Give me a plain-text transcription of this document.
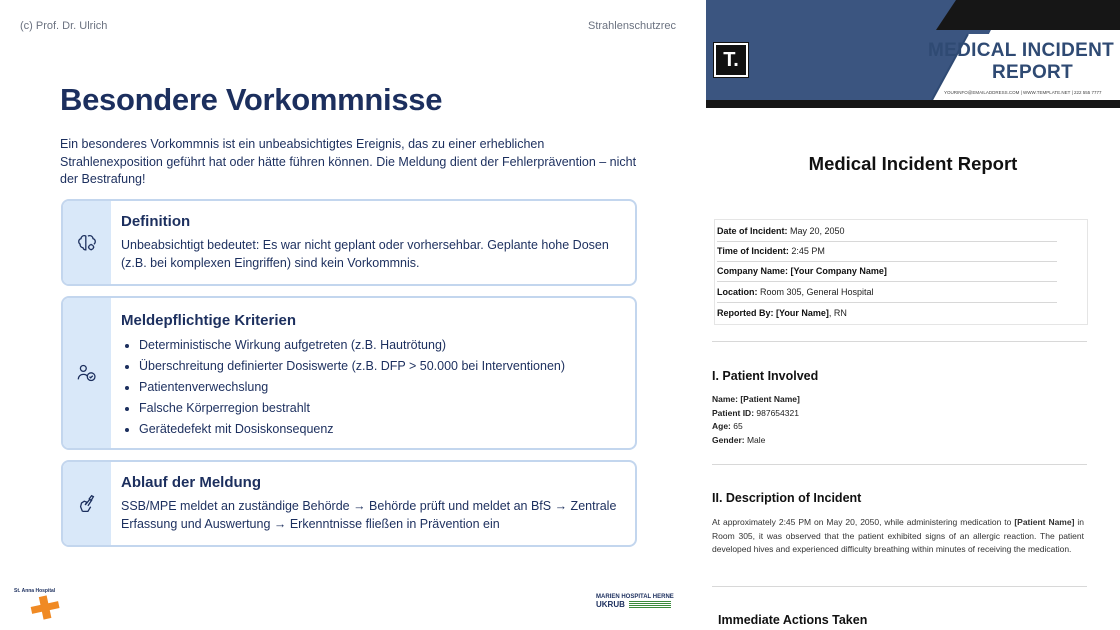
(c) Prof. Dr. Ulrich	Strahlenschutzrec
Besondere Vorkommnisse
Ein besonderes Vorkommnis ist ein unbeabsichtigtes Ereignis, das zu einer erheblichen Strahlenexposition geführt hat oder hätte führen können. Die Meldung dient der Fehlerprävention – nicht der Bestrafung!
Definition

Unbeabsichtigt bedeutet: Es war nicht geplant oder vorhersehbar. Geplante hohe Dosen (z.B. bei komplexen Eingriffen) sind kein Vorkommnis.

Meldepflichtige Kriterien
• Deterministische Wirkung aufgetreten (z.B. Hautrötung)
• Überschreitung definierter Dosiswerte (z.B. DFP > 50.000 bei Interventionen)
• Patientenverwechslung
• Falsche Körperregion bestrahlt
• Gerätedefekt mit Dosiskonsequenz
Ablauf der Meldung

SSB/MPE meldet an zuständige Behörde → Behörde prüft und meldet an BfS → Zentrale Erfassung und Auswertung → Erkenntnisse fließen in Prävention ein

St. Anna Hospital
MARIEN HOSPITAL HERNE
UKRUB
T.	MEDICAL INCIDENT
REPORT
YOURINFO@EMAILADDRESS.COM | WWW.TEMPLATE.NET | 222 555 7777
Medical Incident Report
Date of Incident: May 20, 2050
Time of Incident: 2:45 PM
Company Name: [Your Company Name]
Location: Room 305, General Hospital
Reported By: [Your Name], RN
I. Patient Involved
Name: [Patient Name]
Patient ID: 987654321
Age: 65
Gender: Male
II. Description of Incident
At approximately 2:45 PM on May 20, 2050, while administering medication to [Patient Name] in Room 305, it was observed that the patient exhibited signs of an allergic reaction. The patient developed hives and experienced difficulty breathing within minutes of receiving the medication.
Immediate Actions Taken
